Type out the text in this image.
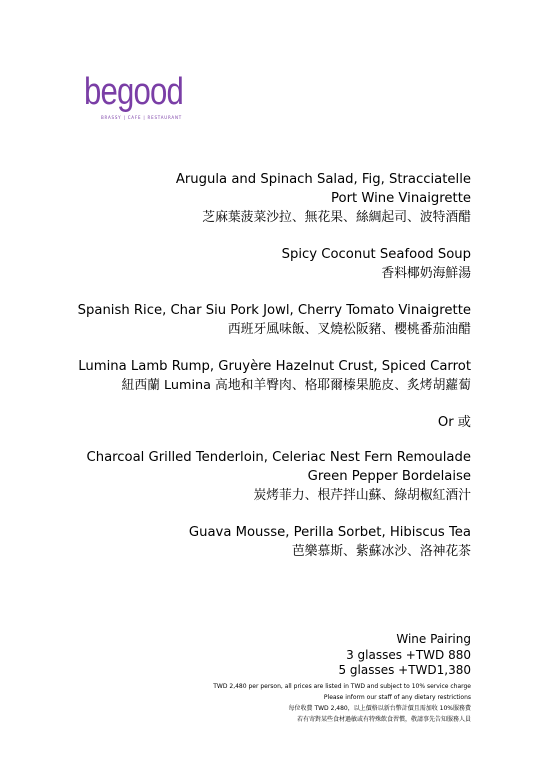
begood
BRASSY | CAFE | RESTAURANT
Arugula and Spinach Salad, Fig, Stracciatelle
Port Wine Vinaigrette
芝麻葉菠菜沙拉、無花果、絲綢起司、波特酒醋
Spicy Coconut Seafood Soup
香料椰奶海鮮湯
Spanish Rice, Char Siu Pork Jowl, Cherry Tomato Vinaigrette
西班牙風味飯、叉燒松阪豬、櫻桃番茄油醋
Lumina Lamb Rump, Gruyère Hazelnut Crust, Spiced Carrot
紐西蘭 Lumina 高地和羊臀肉、格耶爾榛果脆皮、炙烤胡蘿蔔
Or 或
Charcoal Grilled Tenderloin, Celeriac Nest Fern Remoulade
Green Pepper Bordelaise
炭烤菲力、根芹拌山蘇、綠胡椒紅酒汁
Guava Mousse, Perilla Sorbet, Hibiscus Tea
芭樂慕斯、紫蘇冰沙、洛神花茶
Wine Pairing
3 glasses +TWD 880
5 glasses +TWD1,380
TWD 2,480 per person, all prices are listed in TWD and subject to 10% service charge
Please inform our staff of any dietary restrictions
每位收費 TWD 2,480，以上價格以新台幣計價且需加收 10%服務費
若有寄對某些食材過敏或有特殊飲食習慣，敬請事先告知服務人員
